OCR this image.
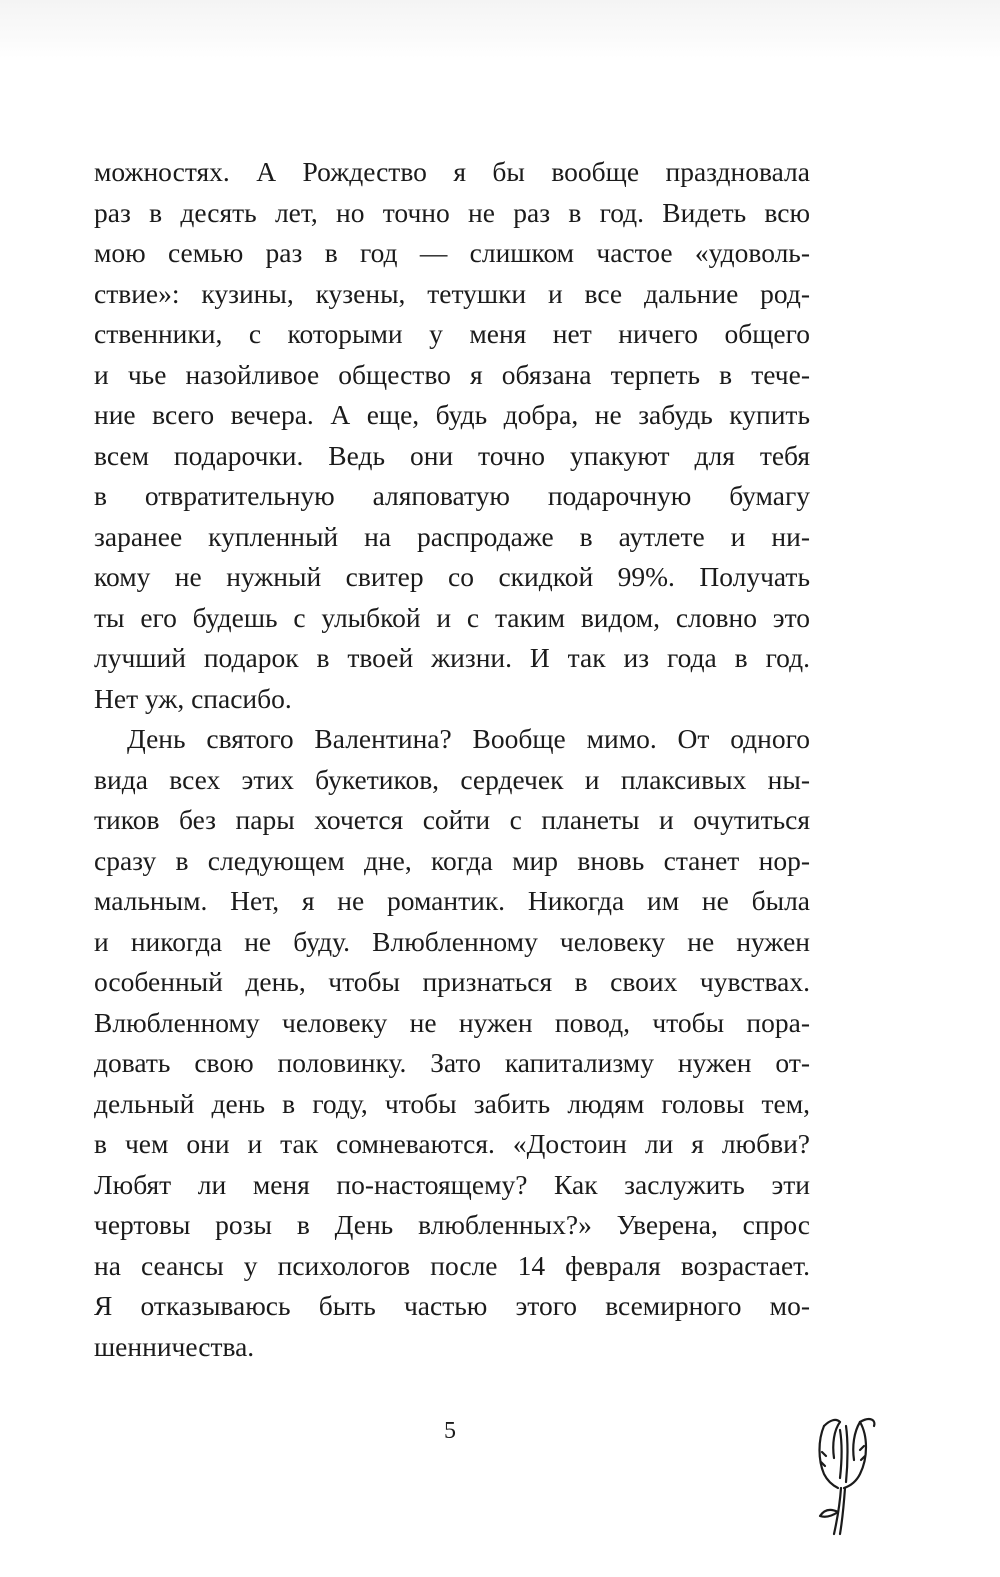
можностях. А Рождество я бы вообще праздновала
раз в десять лет, но точно не раз в год. Видеть всю
мою семью раз в год — слишком частое «удоволь-
ствие»: кузины, кузены, тетушки и все дальние род-
ственники, с которыми у меня нет ничего общего
и чье назойливое общество я обязана терпеть в тече-
ние всего вечера. А еще, будь добра, не забудь купить
всем подарочки. Ведь они точно упакуют для тебя
в отвратительную аляповатую подарочную бумагу
заранее купленный на распродаже в аутлете и ни-
кому не нужный свитер со скидкой 99%. Получать
ты его будешь с улыбкой и с таким видом, словно это
лучший подарок в твоей жизни. И так из года в год.
Нет уж, спасибо.
День святого Валентина? Вообще мимо. От одного
вида всех этих букетиков, сердечек и плаксивых ны-
тиков без пары хочется сойти с планеты и очутиться
сразу в следующем дне, когда мир вновь станет нор-
мальным. Нет, я не романтик. Никогда им не была
и никогда не буду. Влюбленному человеку не нужен
особенный день, чтобы признаться в своих чувствах.
Влюбленному человеку не нужен повод, чтобы пора-
довать свою половинку. Зато капитализму нужен от-
дельный день в году, чтобы забить людям головы тем,
в чем они и так сомневаются. «Достоин ли я любви?
Любят ли меня по-настоящему? Как заслужить эти
чертовы розы в День влюбленных?» Уверена, спрос
на сеансы у психологов после 14 февраля возрастает.
Я отказываюсь быть частью этого всемирного мо-
шенничества.
5
